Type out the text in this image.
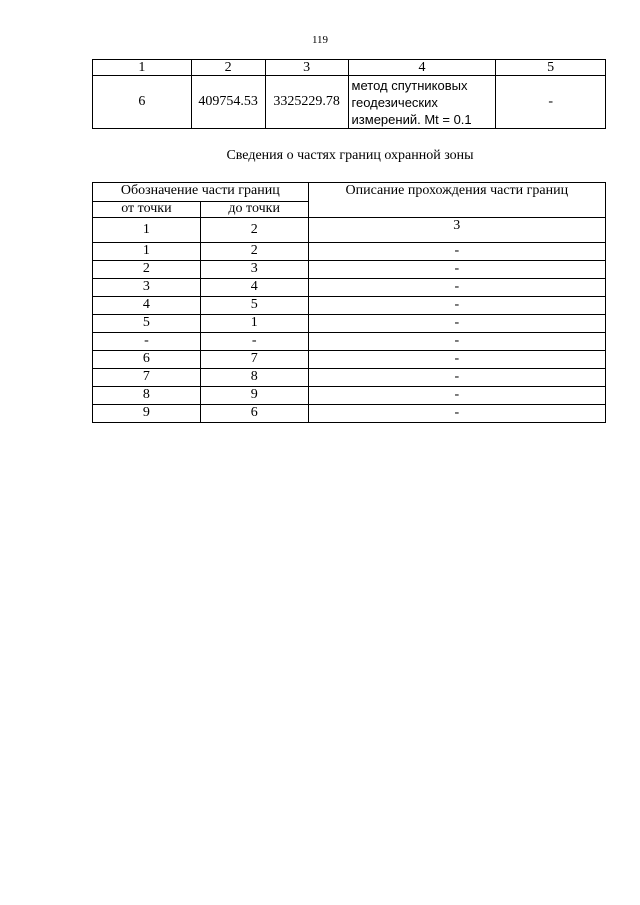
119
1	2	3	4	5
6	409754.53	3325229.78	метод спутниковых
геодезических
измерений. Mt = 0.1	-
Сведения о частях границ охранной зоны
Обозначение части границ		Описание прохождения части границ
от точки	до точки	
1	2	3
1	2	-
2	3	-
3	4	-
4	5	-
5	1	-
-	-	-
6	7	-
7	8	-
8	9	-
9	6	-
